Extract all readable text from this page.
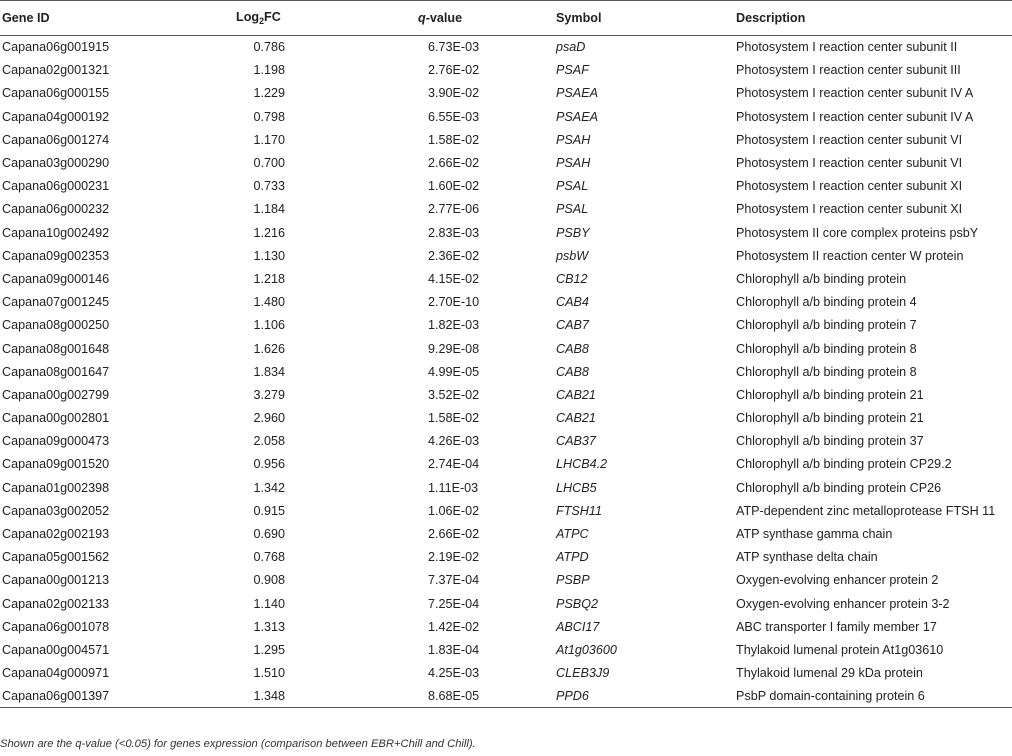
Gene ID	Log$_2$FC	q-value	Symbol	Description
Capana06g001915	0.786	6.73E-03	psaD	Photosystem I reaction center subunit II
Capana02g001321	1.198	2.76E-02	PSAF	Photosystem I reaction center subunit III
Capana06g000155	1.229	3.90E-02	PSAEA	Photosystem I reaction center subunit IV A
Capana04g000192	0.798	6.55E-03	PSAEA	Photosystem I reaction center subunit IV A
Capana06g001274	1.170	1.58E-02	PSAH	Photosystem I reaction center subunit VI
Capana03g000290	0.700	2.66E-02	PSAH	Photosystem I reaction center subunit VI
Capana06g000231	0.733	1.60E-02	PSAL	Photosystem I reaction center subunit XI
Capana06g000232	1.184	2.77E-06	PSAL	Photosystem I reaction center subunit XI
Capana10g002492	1.216	2.83E-03	PSBY	Photosystem II core complex proteins psbY
Capana09g002353	1.130	2.36E-02	psbW	Photosystem II reaction center W protein
Capana09g000146	1.218	4.15E-02	CB12	Chlorophyll a/b binding protein
Capana07g001245	1.480	2.70E-10	CAB4	Chlorophyll a/b binding protein 4
Capana08g000250	1.106	1.82E-03	CAB7	Chlorophyll a/b binding protein 7
Capana08g001648	1.626	9.29E-08	CAB8	Chlorophyll a/b binding protein 8
Capana08g001647	1.834	4.99E-05	CAB8	Chlorophyll a/b binding protein 8
Capana00g002799	3.279	3.52E-02	CAB21	Chlorophyll a/b binding protein 21
Capana00g002801	2.960	1.58E-02	CAB21	Chlorophyll a/b binding protein 21
Capana09g000473	2.058	4.26E-03	CAB37	Chlorophyll a/b binding protein 37
Capana09g001520	0.956	2.74E-04	LHCB4.2	Chlorophyll a/b binding protein CP29.2
Capana01g002398	1.342	1.11E-03	LHCB5	Chlorophyll a/b binding protein CP26
Capana03g002052	0.915	1.06E-02	FTSH11	ATP-dependent zinc metalloprotease FTSH 11
Capana02g002193	0.690	2.66E-02	ATPC	ATP synthase gamma chain
Capana05g001562	0.768	2.19E-02	ATPD	ATP synthase delta chain
Capana00g001213	0.908	7.37E-04	PSBP	Oxygen-evolving enhancer protein 2
Capana02g002133	1.140	7.25E-04	PSBQ2	Oxygen-evolving enhancer protein 3-2
Capana06g001078	1.313	1.42E-02	ABCI17	ABC transporter I family member 17
Capana00g004571	1.295	1.83E-04	At1g03600	Thylakoid lumenal protein At1g03610
Capana04g000971	1.510	4.25E-03	CLEB3J9	Thylakoid lumenal 29 kDa protein
Capana06g001397	1.348	8.68E-05	PPD6	PsbP domain-containing protein 6
Shown are the q-value (<0.05) for genes expression (comparison between EBR+Chill and Chill).
